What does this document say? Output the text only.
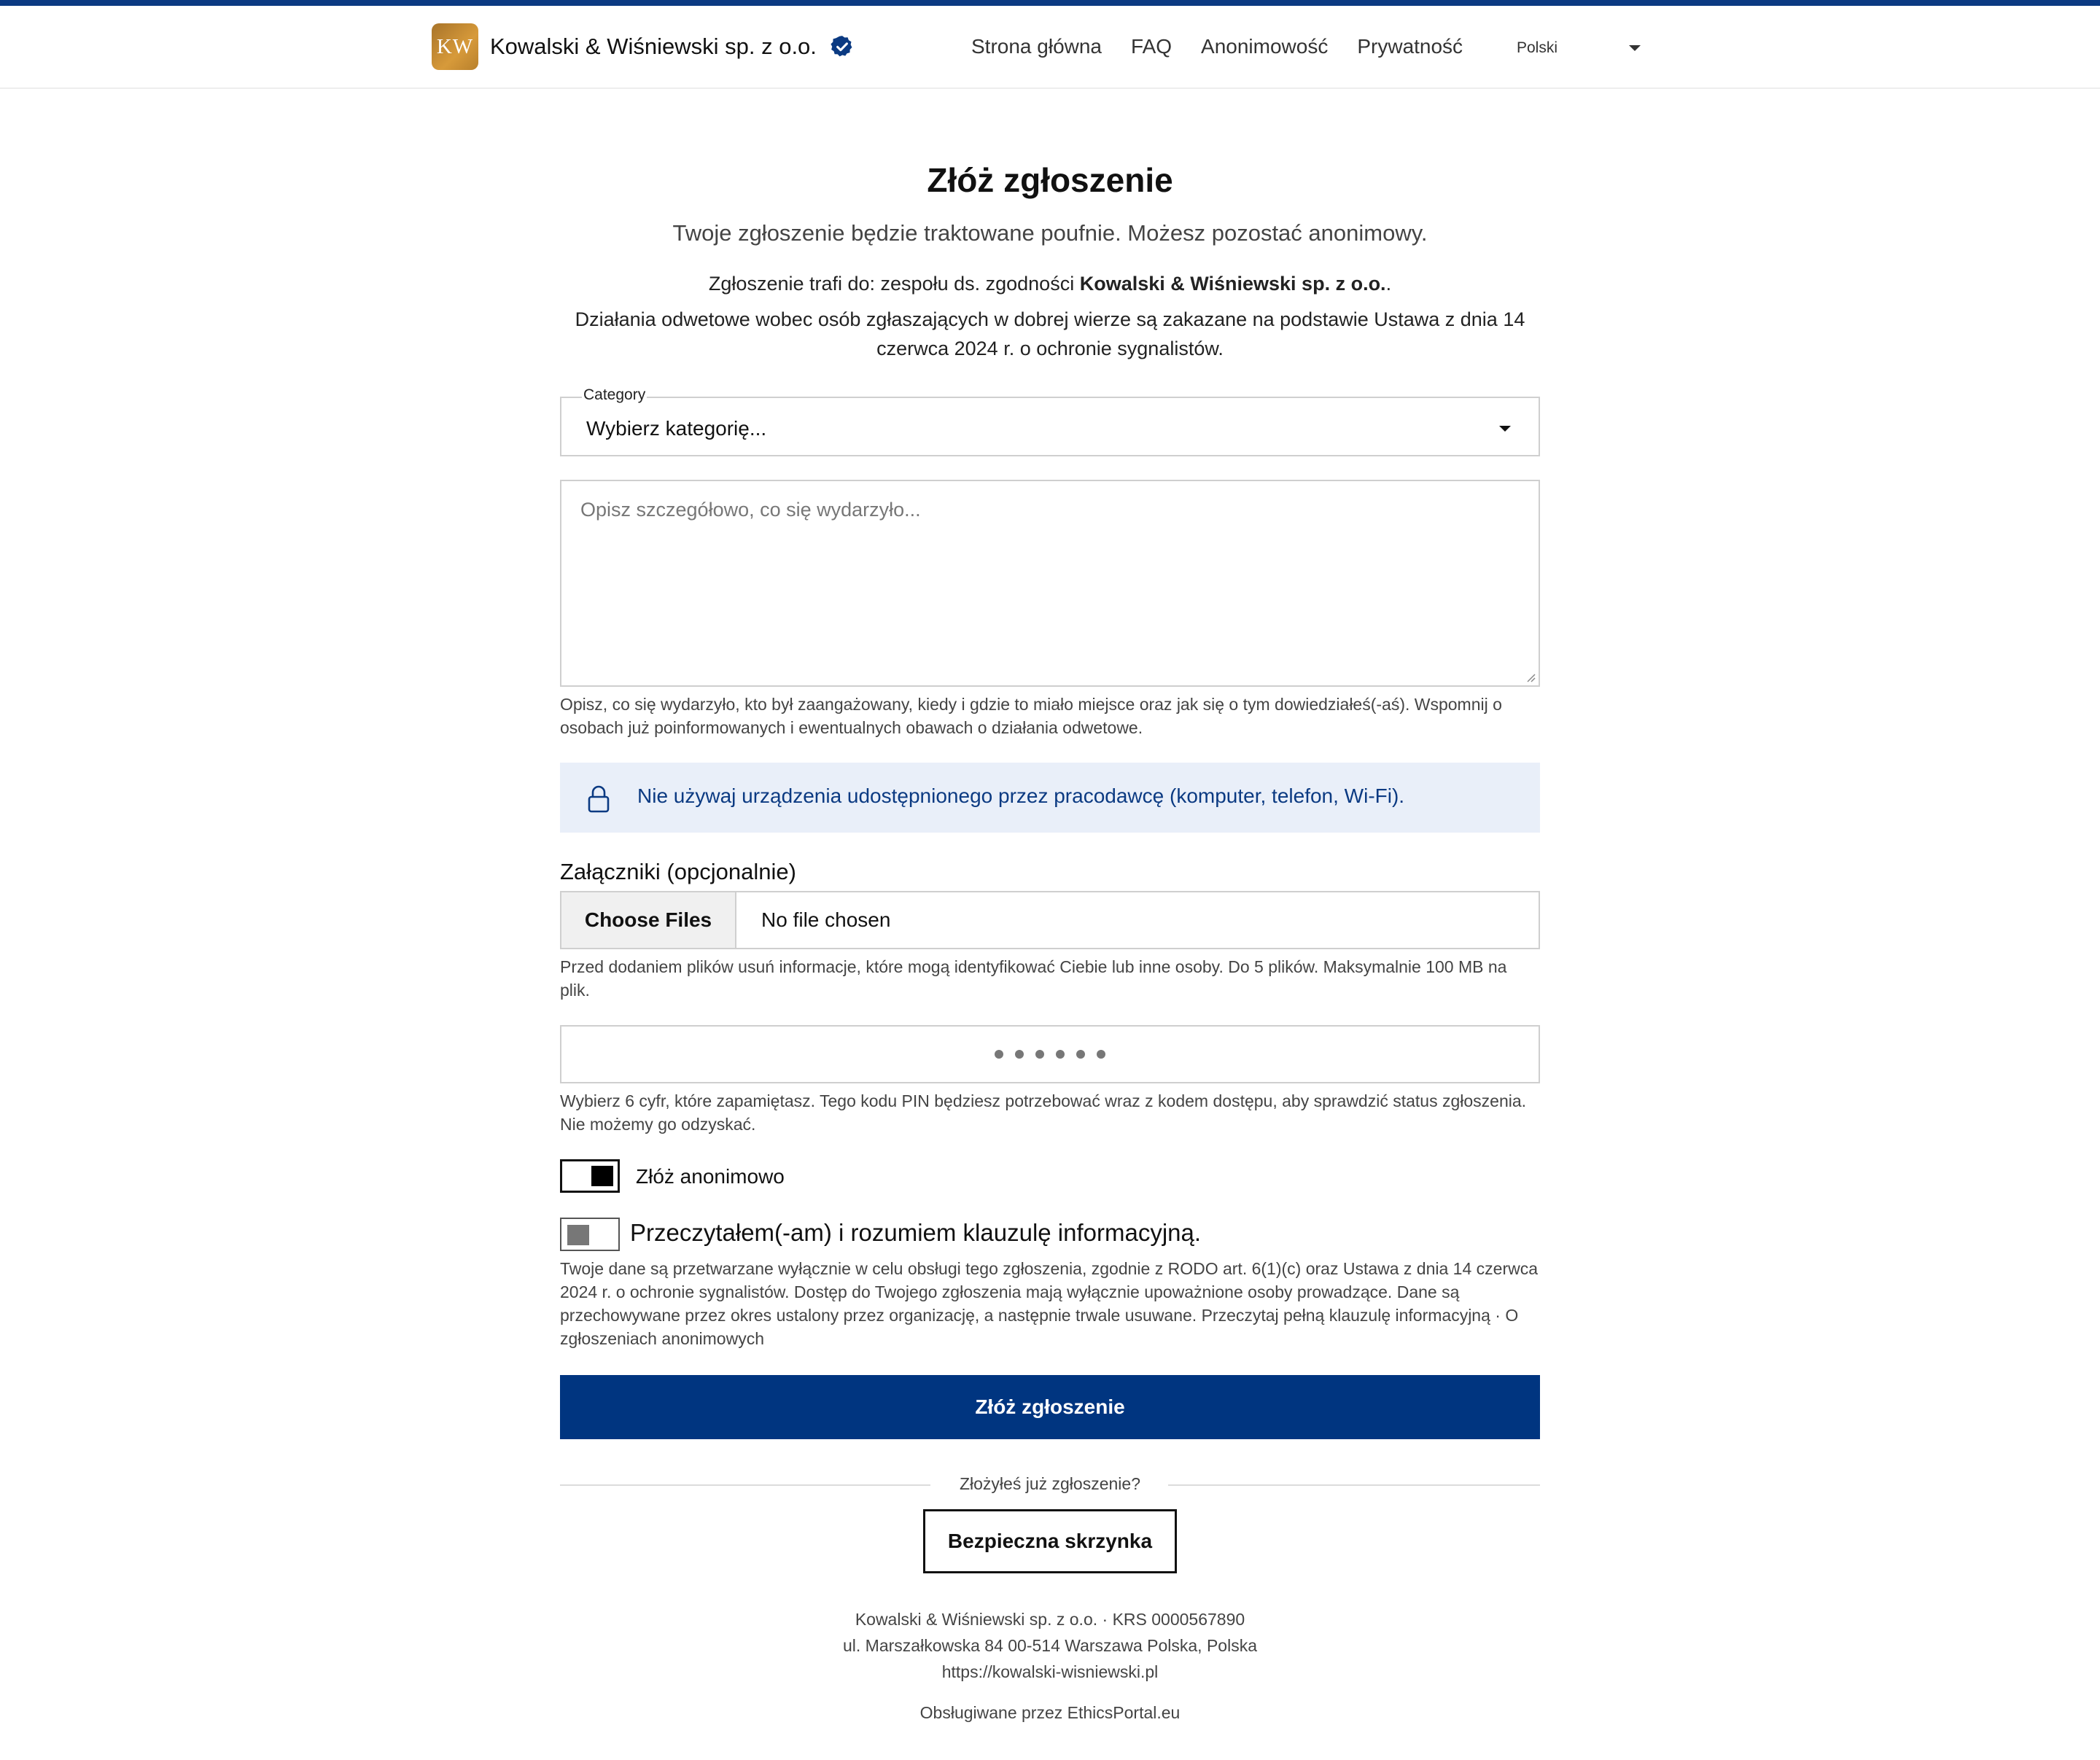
KW Kowalski & Wiśniewski sp. z o.o.	Strona główna FAQ Anonimowość Prywatność	Polski
Złóż zgłoszenie

Twoje zgłoszenie będzie traktowane poufnie. Możesz pozostać anonimowy.

Zgłoszenie trafi do: zespołu ds. zgodności Kowalski & Wiśniewski sp. z o.o..

Działania odwetowe wobec osób zgłaszających w dobrej wierze są zakazane na podstawie Ustawa z dnia 14 czerwca 2024 r. o ochronie sygnalistów.

Category
Wybierz kategorię...
Opisz szczegółowo, co się wydarzyło...

Opisz, co się wydarzyło, kto był zaangażowany, kiedy i gdzie to miało miejsce oraz jak się o tym dowiedziałeś(-aś). Wspomnij o osobach już poinformowanych i ewentualnych obawach o działania odwetowe.

Nie używaj urządzenia udostępnionego przez pracodawcę (komputer, telefon, Wi-Fi).
Załączniki (opcjonalnie)
Choose Files	No file chosen

Przed dodaniem plików usuń informacje, które mogą identyfikować Ciebie lub inne osoby. Do 5 plików. Maksymalnie 100 MB na plik.

Wybierz 6 cyfr, które zapamiętasz. Tego kodu PIN będziesz potrzebować wraz z kodem dostępu, aby sprawdzić status zgłoszenia. Nie możemy go odzyskać.

Złóż anonimowo
Przeczytałem(-am) i rozumiem klauzulę informacyjną.

Twoje dane są przetwarzane wyłącznie w celu obsługi tego zgłoszenia, zgodnie z RODO art. 6(1)(c) oraz Ustawa z dnia 14 czerwca 2024 r. o ochronie sygnalistów. Dostęp do Twojego zgłoszenia mają wyłącznie upoważnione osoby prowadzące. Dane są przechowywane przez okres ustalony przez organizację, a następnie trwale usuwane. Przeczytaj pełną klauzulę informacyjną · O zgłoszeniach anonimowych

Złóż zgłoszenie
Złożyłeś już zgłoszenie?
Bezpieczna skrzynka
Kowalski & Wiśniewski sp. z o.o. · KRS 0000567890
ul. Marszałkowska 84 00-514 Warszawa Polska, Polska
https://kowalski-wisniewski.pl
Obsługiwane przez EthicsPortal.eu
